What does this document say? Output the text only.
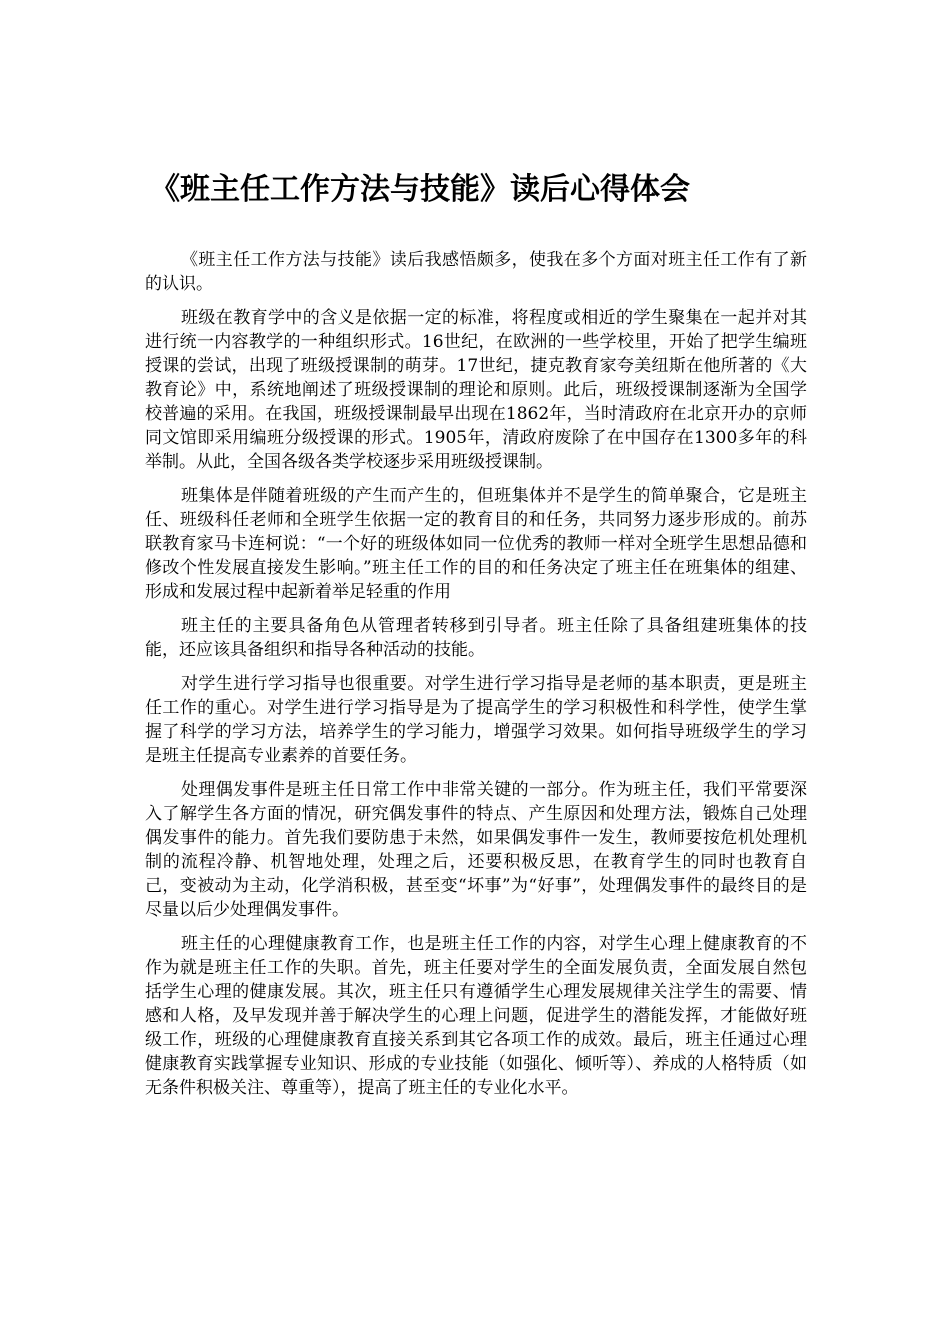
《班主任工作方法与技能》读后心得体会

《班主任工作方法与技能》读后我感悟颇多，使我在多个方面对班主任工作有了新的认识。

班级在教育学中的含义是依据一定的标准，将程度或相近的学生聚集在一起并对其进行统一内容教学的一种组织形式。16世纪，在欧洲的一些学校里，开始了把学生编班授课的尝试，出现了班级授课制的萌芽。17世纪，捷克教育家夸美纽斯在他所著的《大教育论》中，系统地阐述了班级授课制的理论和原则。此后，班级授课制逐渐为全国学校普遍的采用。在我国，班级授课制最早出现在1862年，当时清政府在北京开办的京师同文馆即采用编班分级授课的形式。1905年，清政府废除了在中国存在1300多年的科举制。从此，全国各级各类学校逐步采用班级授课制。

班集体是伴随着班级的产生而产生的，但班集体并不是学生的简单聚合，它是班主任、班级科任老师和全班学生依据一定的教育目的和任务，共同努力逐步形成的。前苏联教育家马卡连柯说：“一个好的班级体如同一位优秀的教师一样对全班学生思想品德和修改个性发展直接发生影响。”班主任工作的目的和任务决定了班主任在班集体的组建、形成和发展过程中起新着举足轻重的作用

班主任的主要具备角色从管理者转移到引导者。班主任除了具备组建班集体的技能，还应该具备组织和指导各种活动的技能。

对学生进行学习指导也很重要。对学生进行学习指导是老师的基本职责，更是班主任工作的重心。对学生进行学习指导是为了提高学生的学习积极性和科学性，使学生掌握了科学的学习方法，培养学生的学习能力，增强学习效果。如何指导班级学生的学习是班主任提高专业素养的首要任务。

处理偶发事件是班主任日常工作中非常关键的一部分。作为班主任，我们平常要深入了解学生各方面的情况，研究偶发事件的特点、产生原因和处理方法，锻炼自己处理偶发事件的能力。首先我们要防患于未然，如果偶发事件一发生，教师要按危机处理机制的流程冷静、机智地处理，处理之后，还要积极反思，在教育学生的同时也教育自己，变被动为主动，化学消积极，甚至变“坏事”为“好事”，处理偶发事件的最终目的是尽量以后少处理偶发事件。

班主任的心理健康教育工作，也是班主任工作的内容，对学生心理上健康教育的不作为就是班主任工作的失职。首先，班主任要对学生的全面发展负责，全面发展自然包括学生心理的健康发展。其次，班主任只有遵循学生心理发展规律关注学生的需要、情感和人格，及早发现并善于解决学生的心理上问题，促进学生的潜能发挥，才能做好班级工作，班级的心理健康教育直接关系到其它各项工作的成效。最后，班主任通过心理健康教育实践掌握专业知识、形成的专业技能（如强化、倾听等）、养成的人格特质（如无条件积极关注、尊重等），提高了班主任的专业化水平。
